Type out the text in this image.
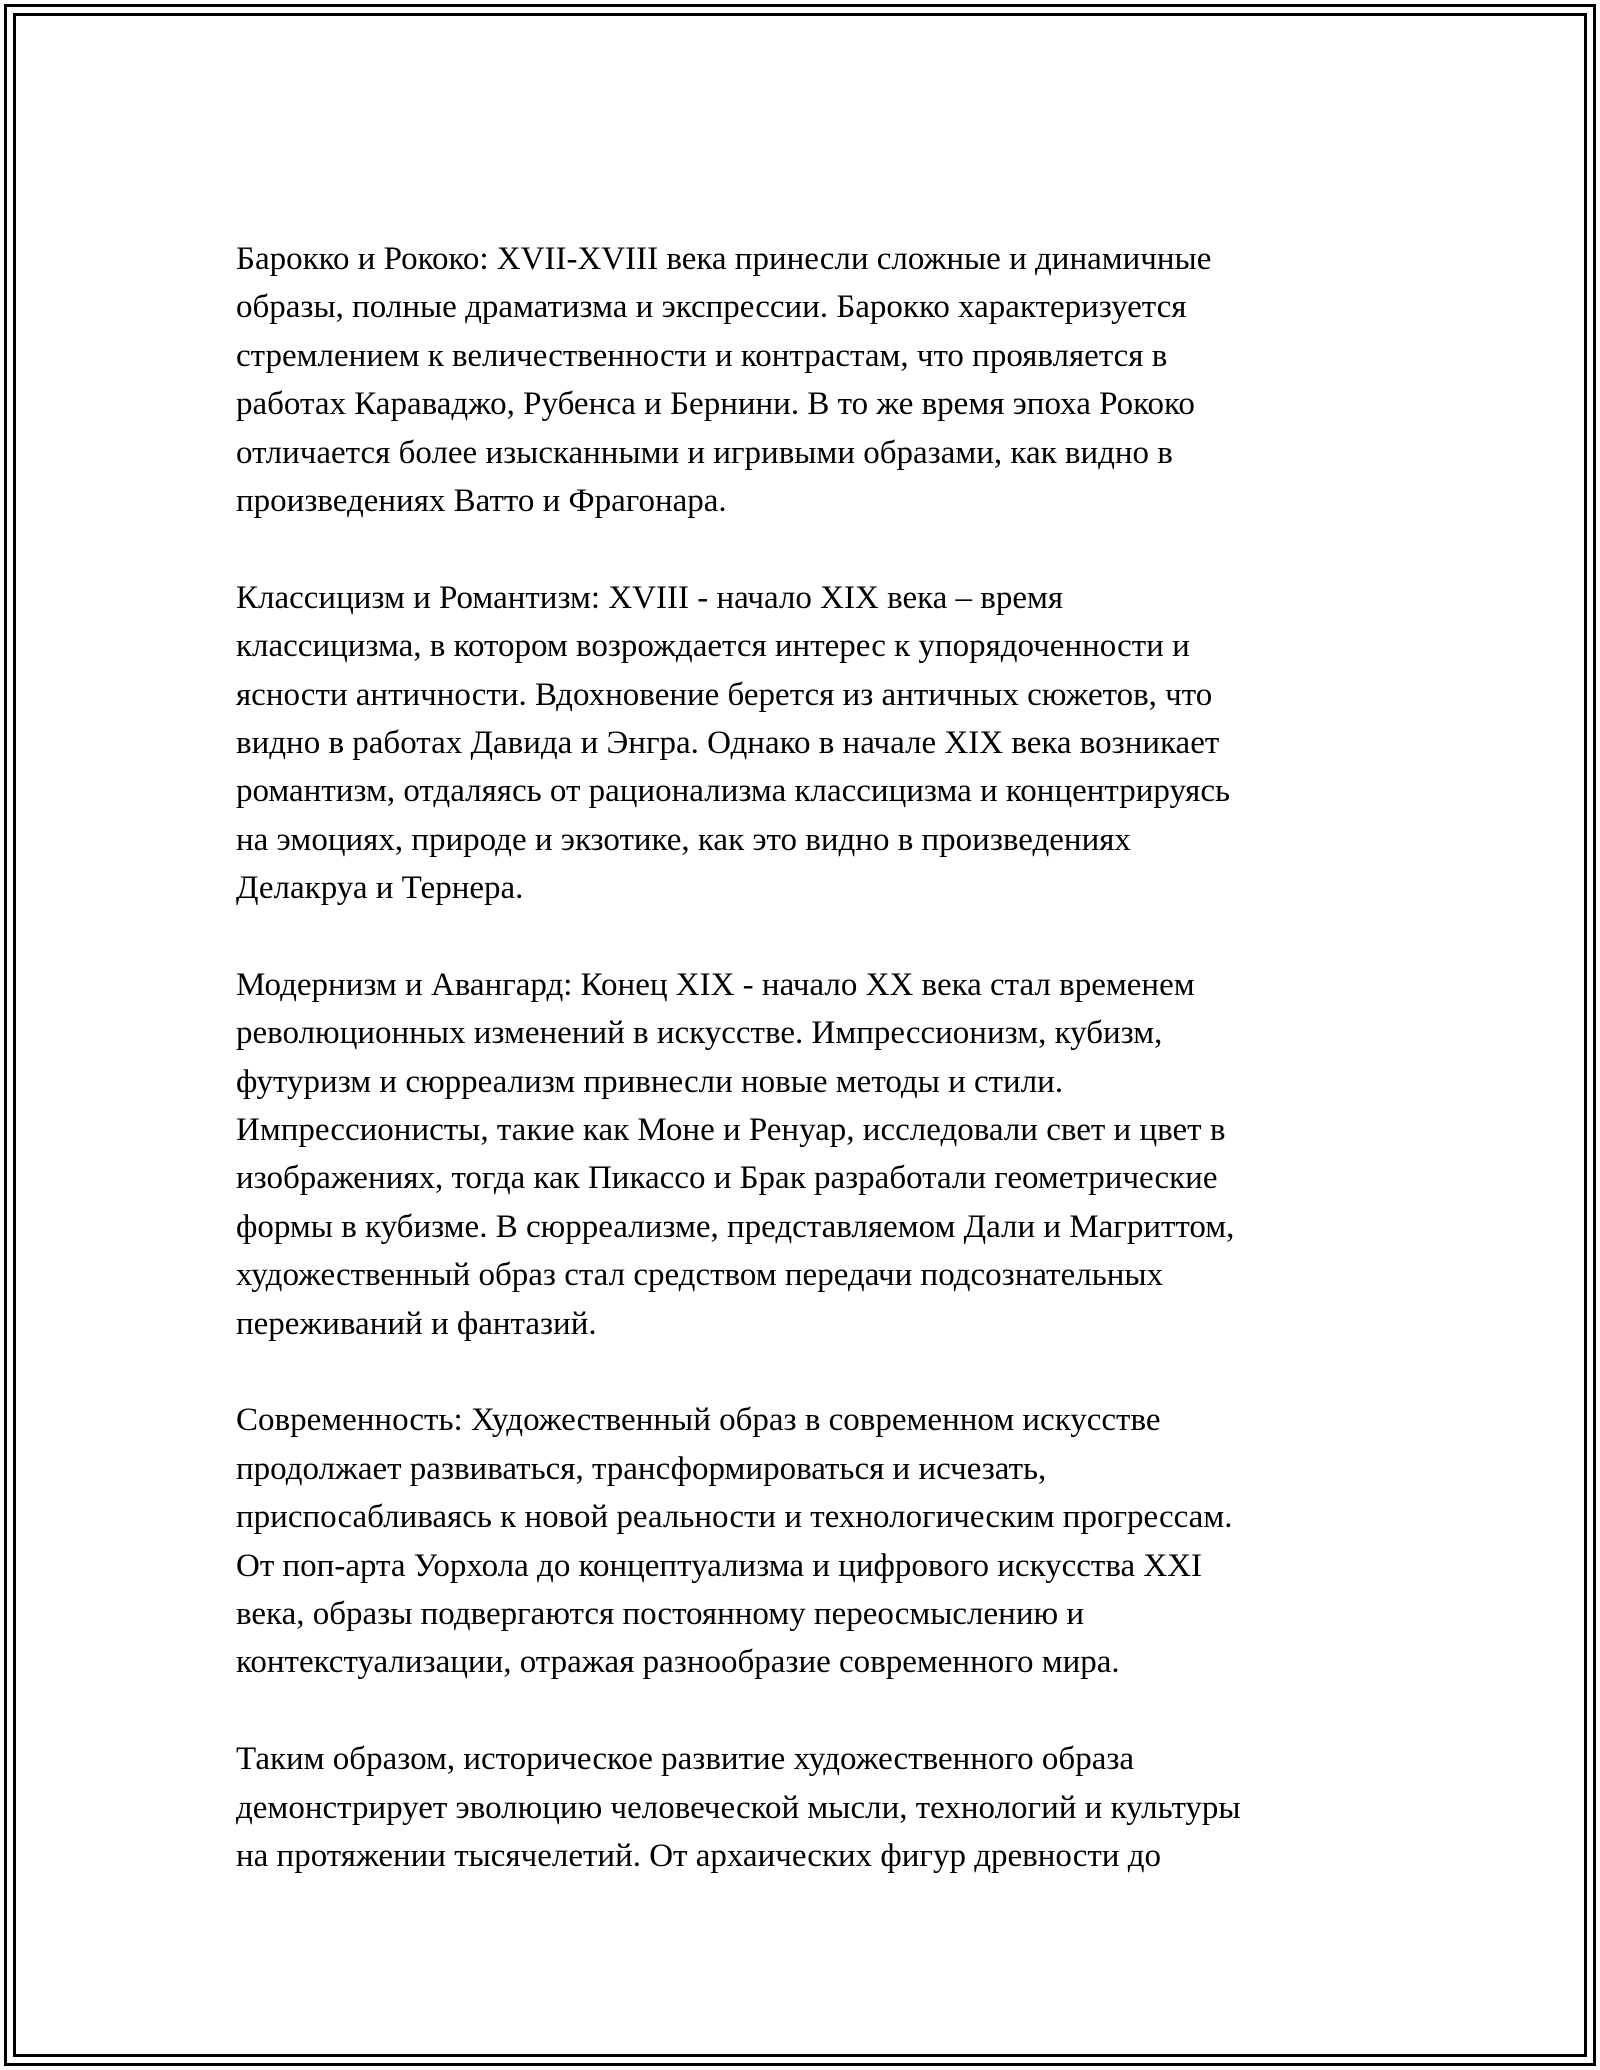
Барокко и Рококо: XVII-XVIII века принесли сложные и динамичные
образы, полные драматизма и экспрессии. Барокко характеризуется
стремлением к величественности и контрастам, что проявляется в
работах Караваджо, Рубенса и Бернини. В то же время эпоха Рококо
отличается более изысканными и игривыми образами, как видно в
произведениях Ватто и Фрагонара.
Классицизм и Романтизм: XVIII - начало XIX века – время
классицизма, в котором возрождается интерес к упорядоченности и
ясности античности. Вдохновение берется из античных сюжетов, что
видно в работах Давида и Энгра. Однако в начале XIX века возникает
романтизм, отдаляясь от рационализма классицизма и концентрируясь
на эмоциях, природе и экзотике, как это видно в произведениях
Делакруа и Тернера.
Модернизм и Авангард: Конец XIX - начало XX века стал временем
революционных изменений в искусстве. Импрессионизм, кубизм,
футуризм и сюрреализм привнесли новые методы и стили.
Импрессионисты, такие как Моне и Ренуар, исследовали свет и цвет в
изображениях, тогда как Пикассо и Брак разработали геометрические
формы в кубизме. В сюрреализме, представляемом Дали и Магриттом,
художественный образ стал средством передачи подсознательных
переживаний и фантазий.
Современность: Художественный образ в современном искусстве
продолжает развиваться, трансформироваться и исчезать,
приспосабливаясь к новой реальности и технологическим прогрессам.
От поп-арта Уорхола до концептуализма и цифрового искусства XXI
века, образы подвергаются постоянному переосмыслению и
контекстуализации, отражая разнообразие современного мира.
Таким образом, историческое развитие художественного образа
демонстрирует эволюцию человеческой мысли, технологий и культуры
на протяжении тысячелетий. От архаических фигур древности до
